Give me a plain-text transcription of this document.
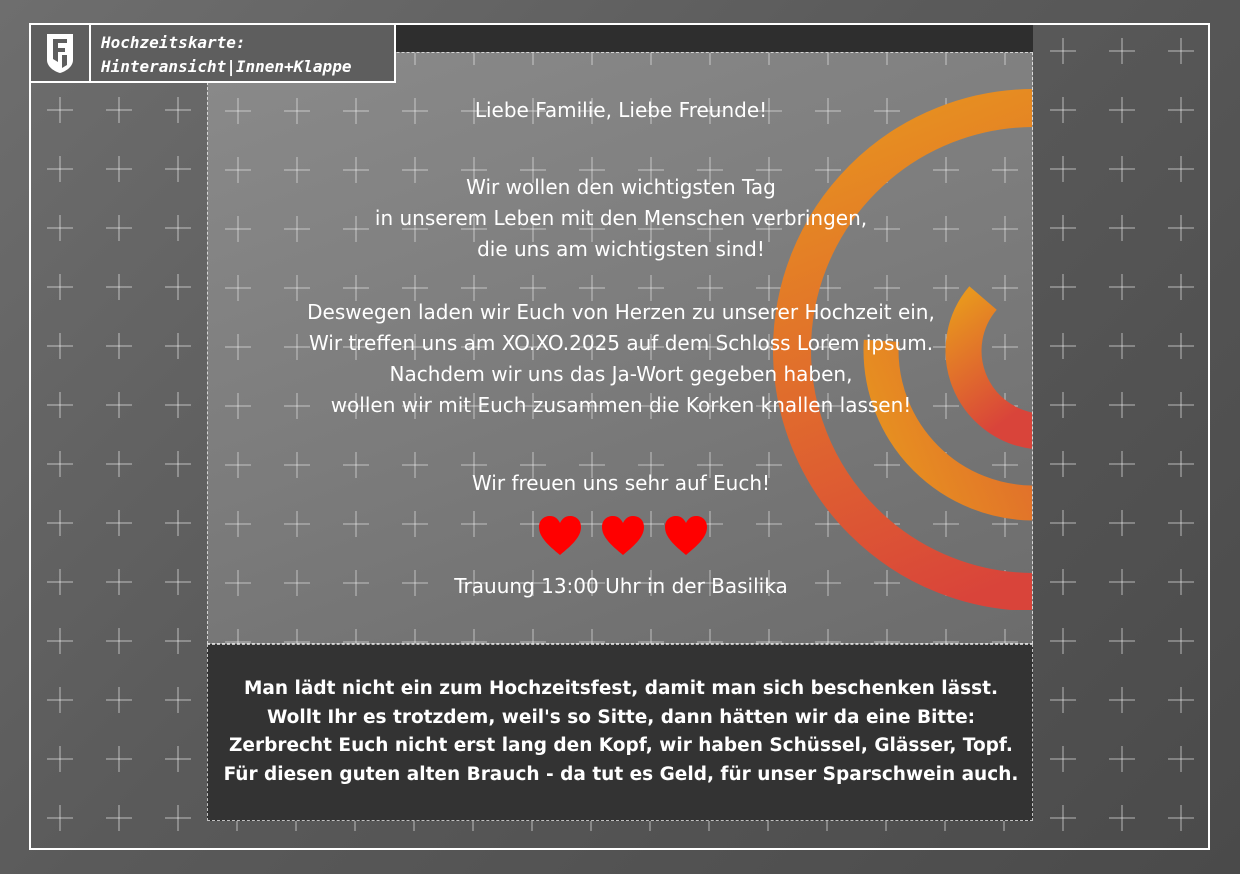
Liebe Familie, Liebe Freunde!
Wir wollen den wichtigsten Tag
in unserem Leben mit den Menschen verbringen,
die uns am wichtigsten sind!
Deswegen laden wir Euch von Herzen zu unserer Hochzeit ein,
Wir treffen uns am XO.XO.2025 auf dem Schloss Lorem ipsum.
Nachdem wir uns das Ja-Wort gegeben haben,
wollen wir mit Euch zusammen die Korken knallen lassen!
Wir freuen uns sehr auf Euch!
Trauung 13:00 Uhr in der Basilika
Man lädt nicht ein zum Hochzeitsfest, damit man sich beschenken lässt.
Wollt Ihr es trotzdem, weil's so Sitte, dann hätten wir da eine Bitte:
Zerbrecht Euch nicht erst lang den Kopf, wir haben Schüssel, Glässer, Topf.
Für diesen guten alten Brauch - da tut es Geld, für unser Sparschwein auch.
Hochzeitskarte:
Hinteransicht|Innen+Klappe
